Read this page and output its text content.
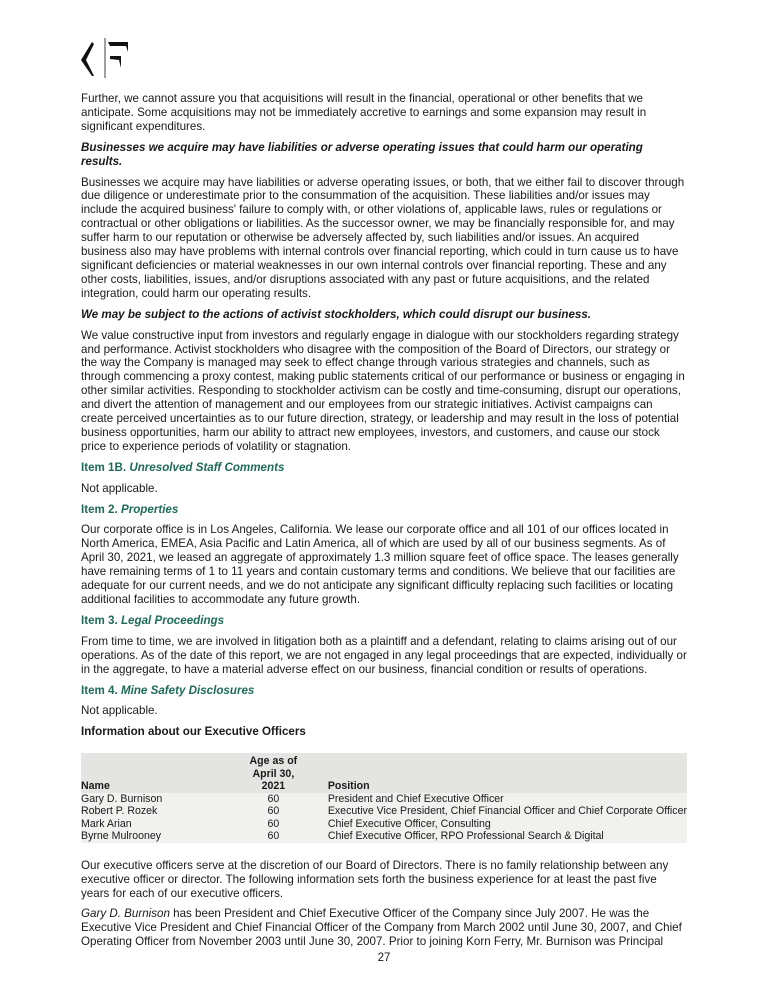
Further, we cannot assure you that acquisitions will result in the financial, operational or other benefits that we anticipate. Some acquisitions may not be immediately accretive to earnings and some expansion may result in significant expenditures.

Businesses we acquire may have liabilities or adverse operating issues that could harm our operating results.

Businesses we acquire may have liabilities or adverse operating issues, or both, that we either fail to discover through due diligence or underestimate prior to the consummation of the acquisition. These liabilities and/or issues may include the acquired business' failure to comply with, or other violations of, applicable laws, rules or regulations or contractual or other obligations or liabilities. As the successor owner, we may be financially responsible for, and may suffer harm to our reputation or otherwise be adversely affected by, such liabilities and/or issues. An acquired business also may have problems with internal controls over financial reporting, which could in turn cause us to have significant deficiencies or material weaknesses in our own internal controls over financial reporting. These and any other costs, liabilities, issues, and/or disruptions associated with any past or future acquisitions, and the related integration, could harm our operating results.

We may be subject to the actions of activist stockholders, which could disrupt our business.

We value constructive input from investors and regularly engage in dialogue with our stockholders regarding strategy and performance. Activist stockholders who disagree with the composition of the Board of Directors, our strategy or the way the Company is managed may seek to effect change through various strategies and channels, such as through commencing a proxy contest, making public statements critical of our performance or business or engaging in other similar activities. Responding to stockholder activism can be costly and time-consuming, disrupt our operations, and divert the attention of management and our employees from our strategic initiatives. Activist campaigns can create perceived uncertainties as to our future direction, strategy, or leadership and may result in the loss of potential business opportunities, harm our ability to attract new employees, investors, and customers, and cause our stock price to experience periods of volatility or stagnation.

Item 1B. Unresolved Staff Comments

Not applicable.

Item 2. Properties

Our corporate office is in Los Angeles, California. We lease our corporate office and all 101 of our offices located in North America, EMEA, Asia Pacific and Latin America, all of which are used by all of our business segments. As of April 30, 2021, we leased an aggregate of approximately 1.3 million square feet of office space. The leases generally have remaining terms of 1 to 11 years and contain customary terms and conditions. We believe that our facilities are adequate for our current needs, and we do not anticipate any significant difficulty replacing such facilities or locating additional facilities to accommodate any future growth.

Item 3. Legal Proceedings

From time to time, we are involved in litigation both as a plaintiff and a defendant, relating to claims arising out of our operations. As of the date of this report, we are not engaged in any legal proceedings that are expected, individually or in the aggregate, to have a material adverse effect on our business, financial condition or results of operations.

Item 4. Mine Safety Disclosures

Not applicable.

Information about our Executive Officers
Name	Age as of April 30, 2021	Position
Gary D. Burnison	60	President and Chief Executive Officer
Robert P. Rozek	60	Executive Vice President, Chief Financial Officer and Chief Corporate Officer
Mark Arian	60	Chief Executive Officer, Consulting
Byrne Mulrooney	60	Chief Executive Officer, RPO Professional Search & Digital

Our executive officers serve at the discretion of our Board of Directors. There is no family relationship between any executive officer or director. The following information sets forth the business experience for at least the past five years for each of our executive officers.

Gary D. Burnison has been President and Chief Executive Officer of the Company since July 2007. He was the Executive Vice President and Chief Financial Officer of the Company from March 2002 until June 30, 2007, and Chief Operating Officer from November 2003 until June 30, 2007. Prior to joining Korn Ferry, Mr. Burnison was Principal

27
